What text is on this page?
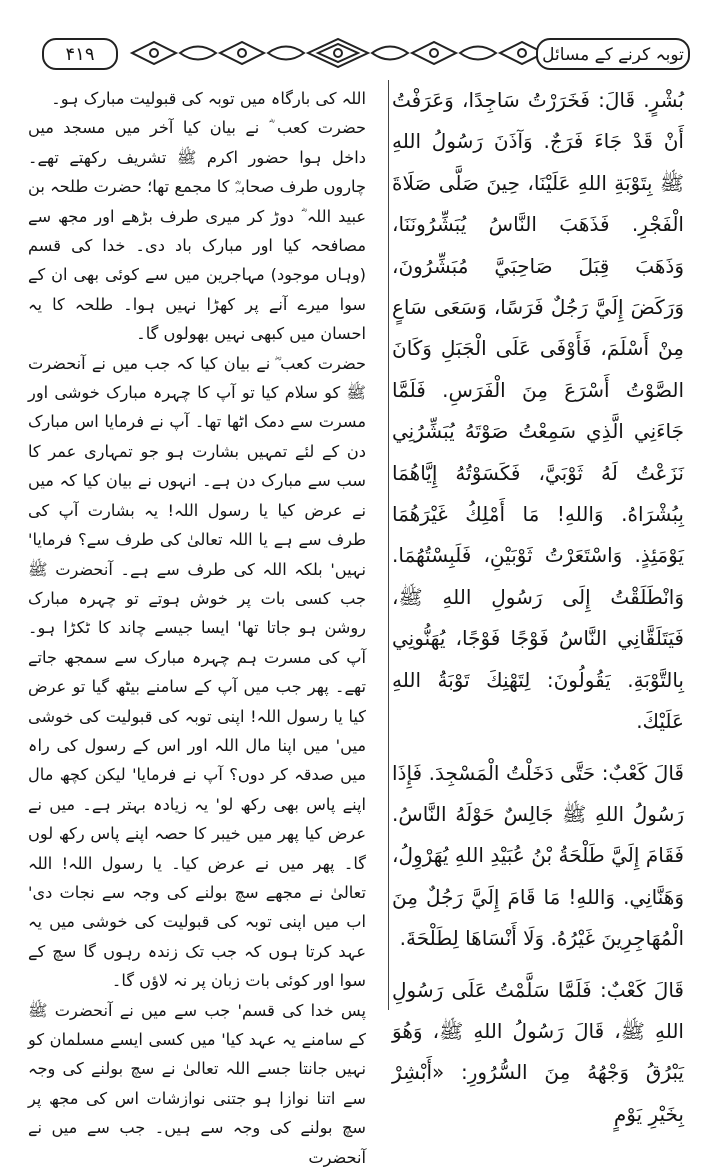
۴۱۹	توبہ کرنے کے مسائل

اللہ کی بارگاہ میں توبہ کی قبولیت مبارک ہو۔

حضرت کعب ؓ نے بیان کیا آخر میں مسجد میں داخل ہوا حضور اکرم ﷺ تشریف رکھتے تھے۔ چاروں طرف صحابہؓ کا مجمع تھا؛ حضرت طلحہ بن عبید اللہ ؓ دوڑ کر میری طرف بڑھے اور مجھ سے مصافحہ کیا اور مبارک باد دی۔ خدا کی قسم (وہاں موجود) مہاجرین میں سے کوئی بھی ان کے سوا میرے آنے پر کھڑا نہیں ہوا۔ طلحہ کا یہ احسان میں کبھی نہیں بھولوں گا۔

حضرت کعب ؓ نے بیان کیا کہ جب میں نے آنحضرت ﷺ کو سلام کیا تو آپ کا چہرہ مبارک خوشی اور مسرت سے دمک اٹھا تھا۔ آپ نے فرمایا اس مبارک دن کے لئے تمہیں بشارت ہو جو تمہاری عمر کا سب سے مبارک دن ہے۔ انہوں نے بیان کیا کہ میں نے عرض کیا یا رسول اللہ! یہ بشارت آپ کی طرف سے ہے یا اللہ تعالیٰ کی طرف سے؟ فرمایا' نہیں' بلکہ اللہ کی طرف سے ہے۔ آنحضرت ﷺ جب کسی بات پر خوش ہوتے تو چہرہ مبارک روشن ہو جاتا تھا' ایسا جیسے چاند کا ٹکڑا ہو۔ آپ کی مسرت ہم چہرہ مبارک سے سمجھ جاتے تھے۔ پھر جب میں آپ کے سامنے بیٹھ گیا تو عرض کیا یا رسول اللہ! اپنی توبہ کی قبولیت کی خوشی میں' میں اپنا مال اللہ اور اس کے رسول کی راہ میں صدقہ کر دوں؟ آپ نے فرمایا' لیکن کچھ مال اپنے پاس بھی رکھ لو' یہ زیادہ بہتر ہے۔ میں نے عرض کیا پھر میں خیبر کا حصہ اپنے پاس رکھ لوں گا۔ پھر میں نے عرض کیا۔ یا رسول اللہ! اللہ تعالیٰ نے مجھے سچ بولنے کی وجہ سے نجات دی' اب میں اپنی توبہ کی قبولیت کی خوشی میں یہ عہد کرتا ہوں کہ جب تک زندہ رہوں گا سچ کے سوا اور کوئی بات زبان پر نہ لاؤں گا۔

پس خدا کی قسم' جب سے میں نے آنحضرت ﷺ کے سامنے یہ عہد کیا' میں کسی ایسے مسلمان کو نہیں جانتا جسے اللہ تعالیٰ نے سچ بولنے کی وجہ سے اتنا نوازا ہو جتنی نوازشات اس کی مجھ پر سچ بولنے کی وجہ سے ہیں۔ جب سے میں نے آنحضرت

بُشْرٍ. قَالَ: فَخَرَرْتُ سَاجِدًا، وَعَرَفْتُ أَنْ قَدْ جَاءَ فَرَجٌ. وَآذَنَ رَسُولُ اللهِ ﷺ بِتَوْبَةِ اللهِ عَلَيْنَا، حِينَ صَلَّى صَلَاةَ الْفَجْرِ. فَذَهَبَ النَّاسُ يُبَشِّرُونَنَا، وَذَهَبَ قِبَلَ صَاحِبَيَّ مُبَشِّرُونَ، وَرَكَضَ إِلَيَّ رَجُلٌ فَرَسًا، وَسَعَى سَاعٍ مِنْ أَسْلَمَ، فَأَوْفَى عَلَى الْجَبَلِ وَكَانَ الصَّوْتُ أَسْرَعَ مِنَ الْفَرَسِ. فَلَمَّا جَاءَنِي الَّذِي سَمِعْتُ صَوْتَهُ يُبَشِّرُنِي نَزَعْتُ لَهُ ثَوْبَيَّ، فَكَسَوْتُهُ إِيَّاهُمَا بِبُشْرَاهُ. وَاللهِ! مَا أَمْلِكُ غَيْرَهُمَا يَوْمَئِذٍ. وَاسْتَعَرْتُ ثَوْبَيْنِ، فَلَبِسْتُهُمَا. وَانْطَلَقْتُ إِلَى رَسُولِ اللهِ ﷺ، فَيَتَلَقَّانِي النَّاسُ فَوْجًا فَوْجًا، يُهَنُّونِي بِالتَّوْبَةِ. يَقُولُونَ: لِتَهْنِكَ تَوْبَةُ اللهِ عَلَيْكَ.

قَالَ كَعْبٌ: حَتَّى دَخَلْتُ الْمَسْجِدَ. فَإِذَا رَسُولُ اللهِ ﷺ جَالِسٌ حَوْلَهُ النَّاسُ. فَقَامَ إِلَيَّ طَلْحَةُ بْنُ عُبَيْدِ اللهِ يُهَرْوِلُ، وَهَنَّانِي. وَاللهِ! مَا قَامَ إِلَيَّ رَجُلٌ مِنَ الْمُهَاجِرِينَ غَيْرُهُ. وَلَا أَنْسَاهَا لِطَلْحَةَ.

قَالَ كَعْبٌ: فَلَمَّا سَلَّمْتُ عَلَى رَسُولِ اللهِ ﷺ، قَالَ رَسُولُ اللهِ ﷺ، وَهُوَ يَبْرُقُ وَجْهُهُ مِنَ السُّرُورِ: «أَبْشِرْ بِخَيْرِ يَوْمٍ
